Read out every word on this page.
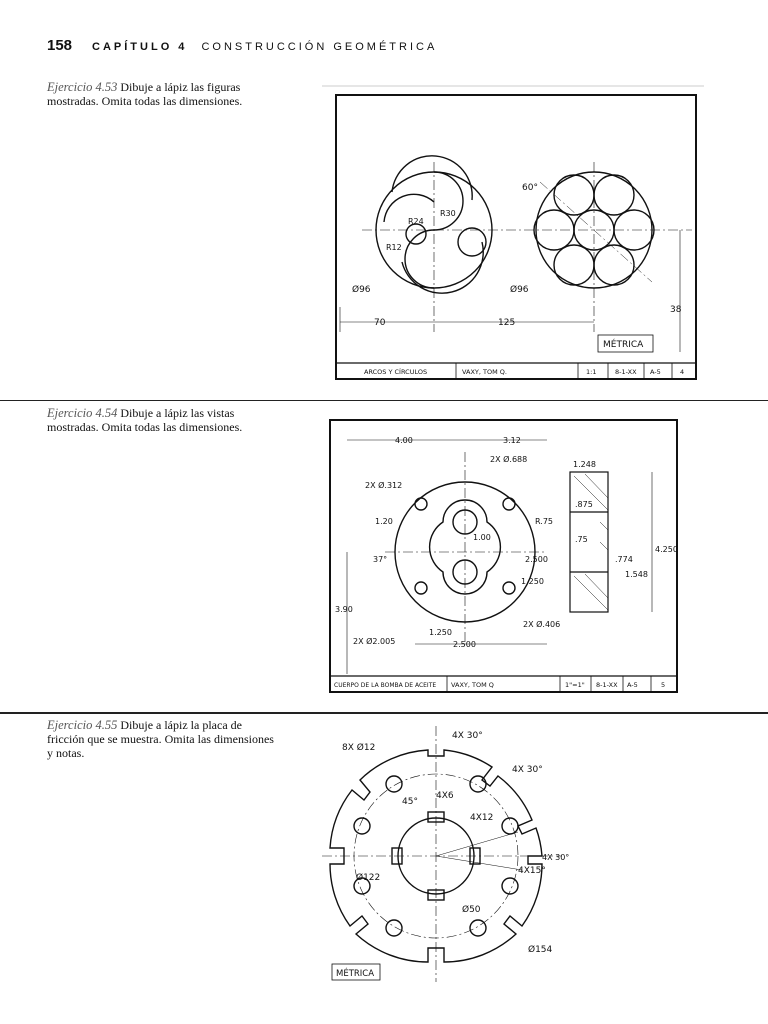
158 CAPÍTULO 4 CONSTRUCCIÓN GEOMÉTRICA
Ejercicio 4.53 Dibuje a lápiz las figuras mostradas. Omita todas las dimensiones.
60°
R24
R30
R12
Ø96	Ø96
70	125
38
MÉTRICA
ARCOS Y CÍRCULOS	VAXY, TOM Q.	1:1	8-1-XX A-5	4
Ejercicio 4.54 Dibuje a lápiz las vistas mostradas. Omita todas las dimensiones.
4.00	3.12
2X Ø.688
2X Ø.312
1.20	R.75
1.00
2.500
37°
1.250
3.90
2X Ø2.005
1.250
2.500
2X Ø.406
1.248
.875
.75
.774
1.548
4.250
CUERPO DE LA BOMBA DE ACEITE VAXY, TOM Q	1"=1" 8-1-XX A-5	5
Ejercicio 4.55 Dibuje a lápiz la placa de fricción que se muestra. Omita las dimensiones y notas.	8X Ø12
4X 30°
4X 30°
45°
4X6
4X12
4X 30°
4X15°
Ø122
Ø50
Ø154
MÉTRICA
